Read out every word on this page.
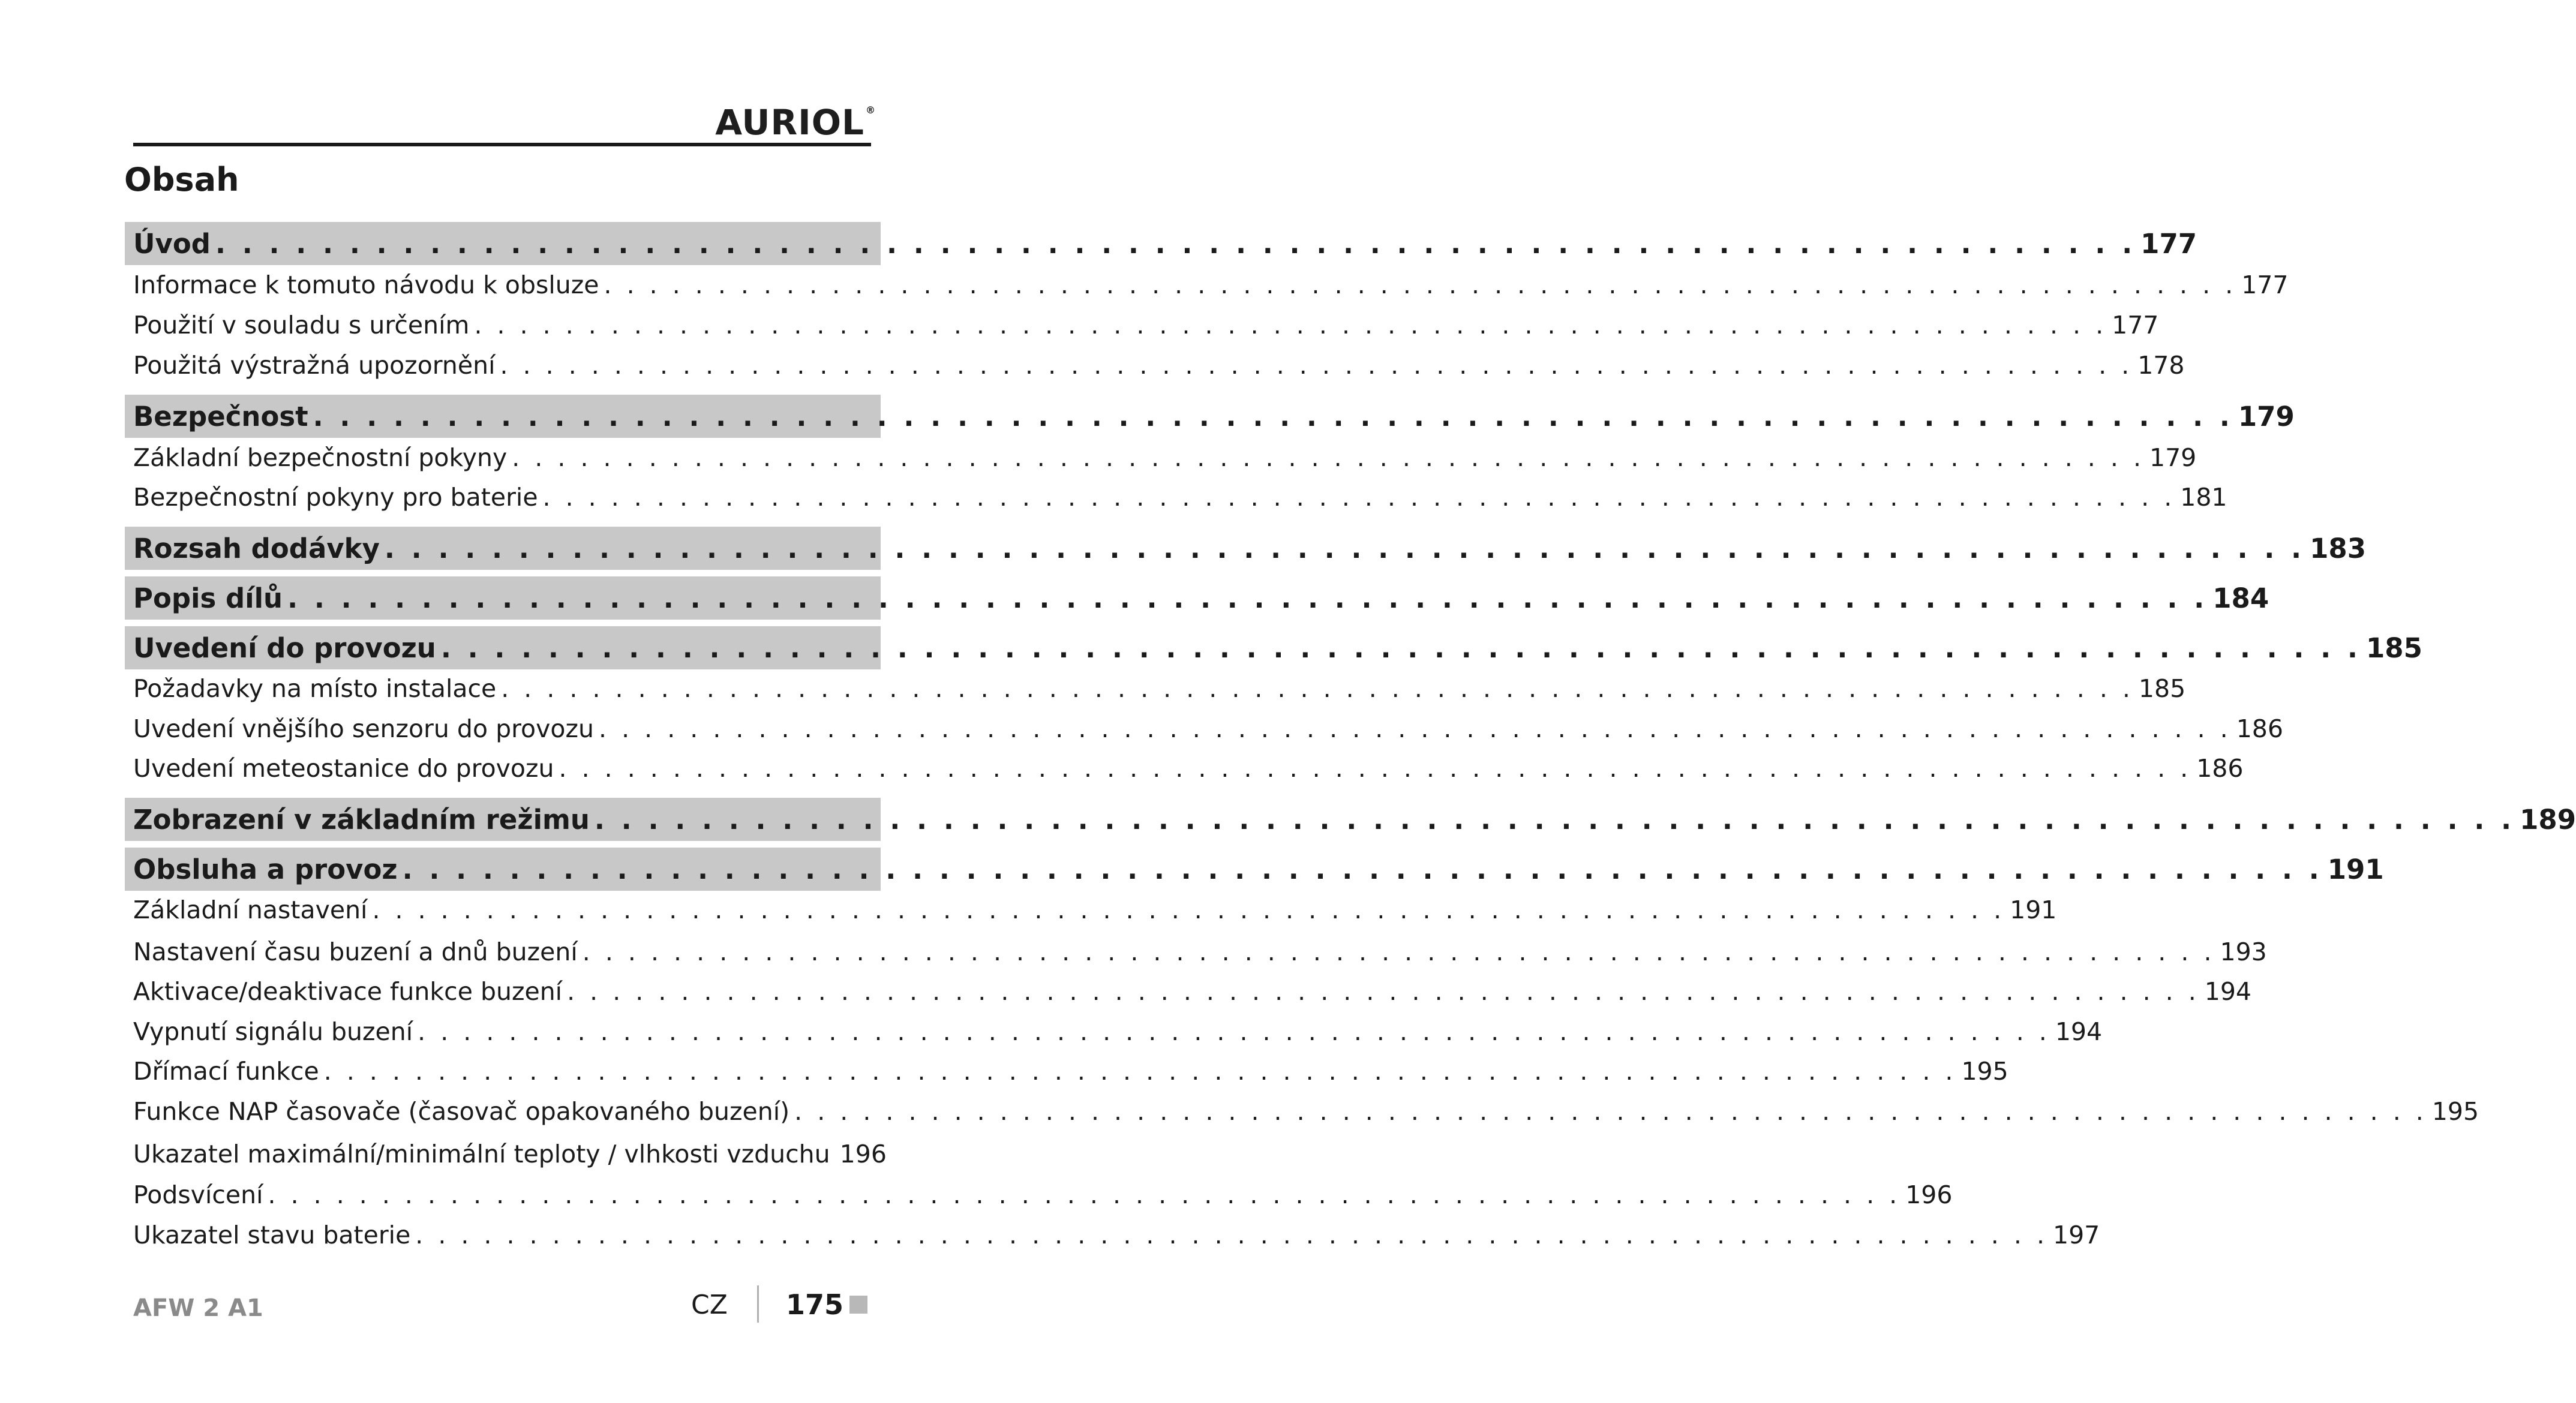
AURIOL ®
Obsah
Úvod . . . . . . . . . . . . . . . . . . . . . . . . . . . . . . . . . . . . . . . . . . . . . . . . . . . . . . . . . . . . . . . . . . . . . . . . 177
Informace k tomuto návodu k obsluze . . . . . . . . . . . . . . . . . . . . . . . . . . . . . . . . . . . . . . . . . . . . . . . . . . . . . . . . . . . . . . . . . . . . . . . . 177
Použití v souladu s určením . . . . . . . . . . . . . . . . . . . . . . . . . . . . . . . . . . . . . . . . . . . . . . . . . . . . . . . . . . . . . . . . . . . . . . . . 177
Použitá výstražná upozornění . . . . . . . . . . . . . . . . . . . . . . . . . . . . . . . . . . . . . . . . . . . . . . . . . . . . . . . . . . . . . . . . . . . . . . . . 178
Bezpečnost . . . . . . . . . . . . . . . . . . . . . . . . . . . . . . . . . . . . . . . . . . . . . . . . . . . . . . . . . . . . . . . . . . . . . . . . 179
Základní bezpečnostní pokyny . . . . . . . . . . . . . . . . . . . . . . . . . . . . . . . . . . . . . . . . . . . . . . . . . . . . . . . . . . . . . . . . . . . . . . . . 179
Bezpečnostní pokyny pro baterie . . . . . . . . . . . . . . . . . . . . . . . . . . . . . . . . . . . . . . . . . . . . . . . . . . . . . . . . . . . . . . . . . . . . . . . . 181
Rozsah dodávky . . . . . . . . . . . . . . . . . . . . . . . . . . . . . . . . . . . . . . . . . . . . . . . . . . . . . . . . . . . . . . . . . . . . . . . . 183
Popis dílů . . . . . . . . . . . . . . . . . . . . . . . . . . . . . . . . . . . . . . . . . . . . . . . . . . . . . . . . . . . . . . . . . . . . . . . . 184
Uvedení do provozu . . . . . . . . . . . . . . . . . . . . . . . . . . . . . . . . . . . . . . . . . . . . . . . . . . . . . . . . . . . . . . . . . . . . . . . . 185
Požadavky na místo instalace . . . . . . . . . . . . . . . . . . . . . . . . . . . . . . . . . . . . . . . . . . . . . . . . . . . . . . . . . . . . . . . . . . . . . . . . 185
Uvedení vnějšího senzoru do provozu . . . . . . . . . . . . . . . . . . . . . . . . . . . . . . . . . . . . . . . . . . . . . . . . . . . . . . . . . . . . . . . . . . . . . . . . 186
Uvedení meteostanice do provozu . . . . . . . . . . . . . . . . . . . . . . . . . . . . . . . . . . . . . . . . . . . . . . . . . . . . . . . . . . . . . . . . . . . . . . . . 186
Zobrazení v základním režimu . . . . . . . . . . . . . . . . . . . . . . . . . . . . . . . . . . . . . . . . . . . . . . . . . . . . . . . . . . . . . . . . . . . . . . . . 189
Obsluha a provoz . . . . . . . . . . . . . . . . . . . . . . . . . . . . . . . . . . . . . . . . . . . . . . . . . . . . . . . . . . . . . . . . . . . . . . . . 191
Základní nastavení . . . . . . . . . . . . . . . . . . . . . . . . . . . . . . . . . . . . . . . . . . . . . . . . . . . . . . . . . . . . . . . . . . . . . . . . 191
Nastavení času buzení a dnů buzení . . . . . . . . . . . . . . . . . . . . . . . . . . . . . . . . . . . . . . . . . . . . . . . . . . . . . . . . . . . . . . . . . . . . . . . . 193
Aktivace/deaktivace funkce buzení . . . . . . . . . . . . . . . . . . . . . . . . . . . . . . . . . . . . . . . . . . . . . . . . . . . . . . . . . . . . . . . . . . . . . . . . 194
Vypnutí signálu buzení . . . . . . . . . . . . . . . . . . . . . . . . . . . . . . . . . . . . . . . . . . . . . . . . . . . . . . . . . . . . . . . . . . . . . . . . 194
Dřímací funkce . . . . . . . . . . . . . . . . . . . . . . . . . . . . . . . . . . . . . . . . . . . . . . . . . . . . . . . . . . . . . . . . . . . . . . . . 195
Funkce NAP časovače (časovač opakovaného buzení) . . . . . . . . . . . . . . . . . . . . . . . . . . . . . . . . . . . . . . . . . . . . . . . . . . . . . . . . . . . . . . . . . . . . . . . . 195
Ukazatel maximální/minimální teploty / vlhkosti vzduchu 196
Podsvícení . . . . . . . . . . . . . . . . . . . . . . . . . . . . . . . . . . . . . . . . . . . . . . . . . . . . . . . . . . . . . . . . . . . . . . . . 196
Ukazatel stavu baterie . . . . . . . . . . . . . . . . . . . . . . . . . . . . . . . . . . . . . . . . . . . . . . . . . . . . . . . . . . . . . . . . . . . . . . . . 197
AFW 2 A1	CZ 175
